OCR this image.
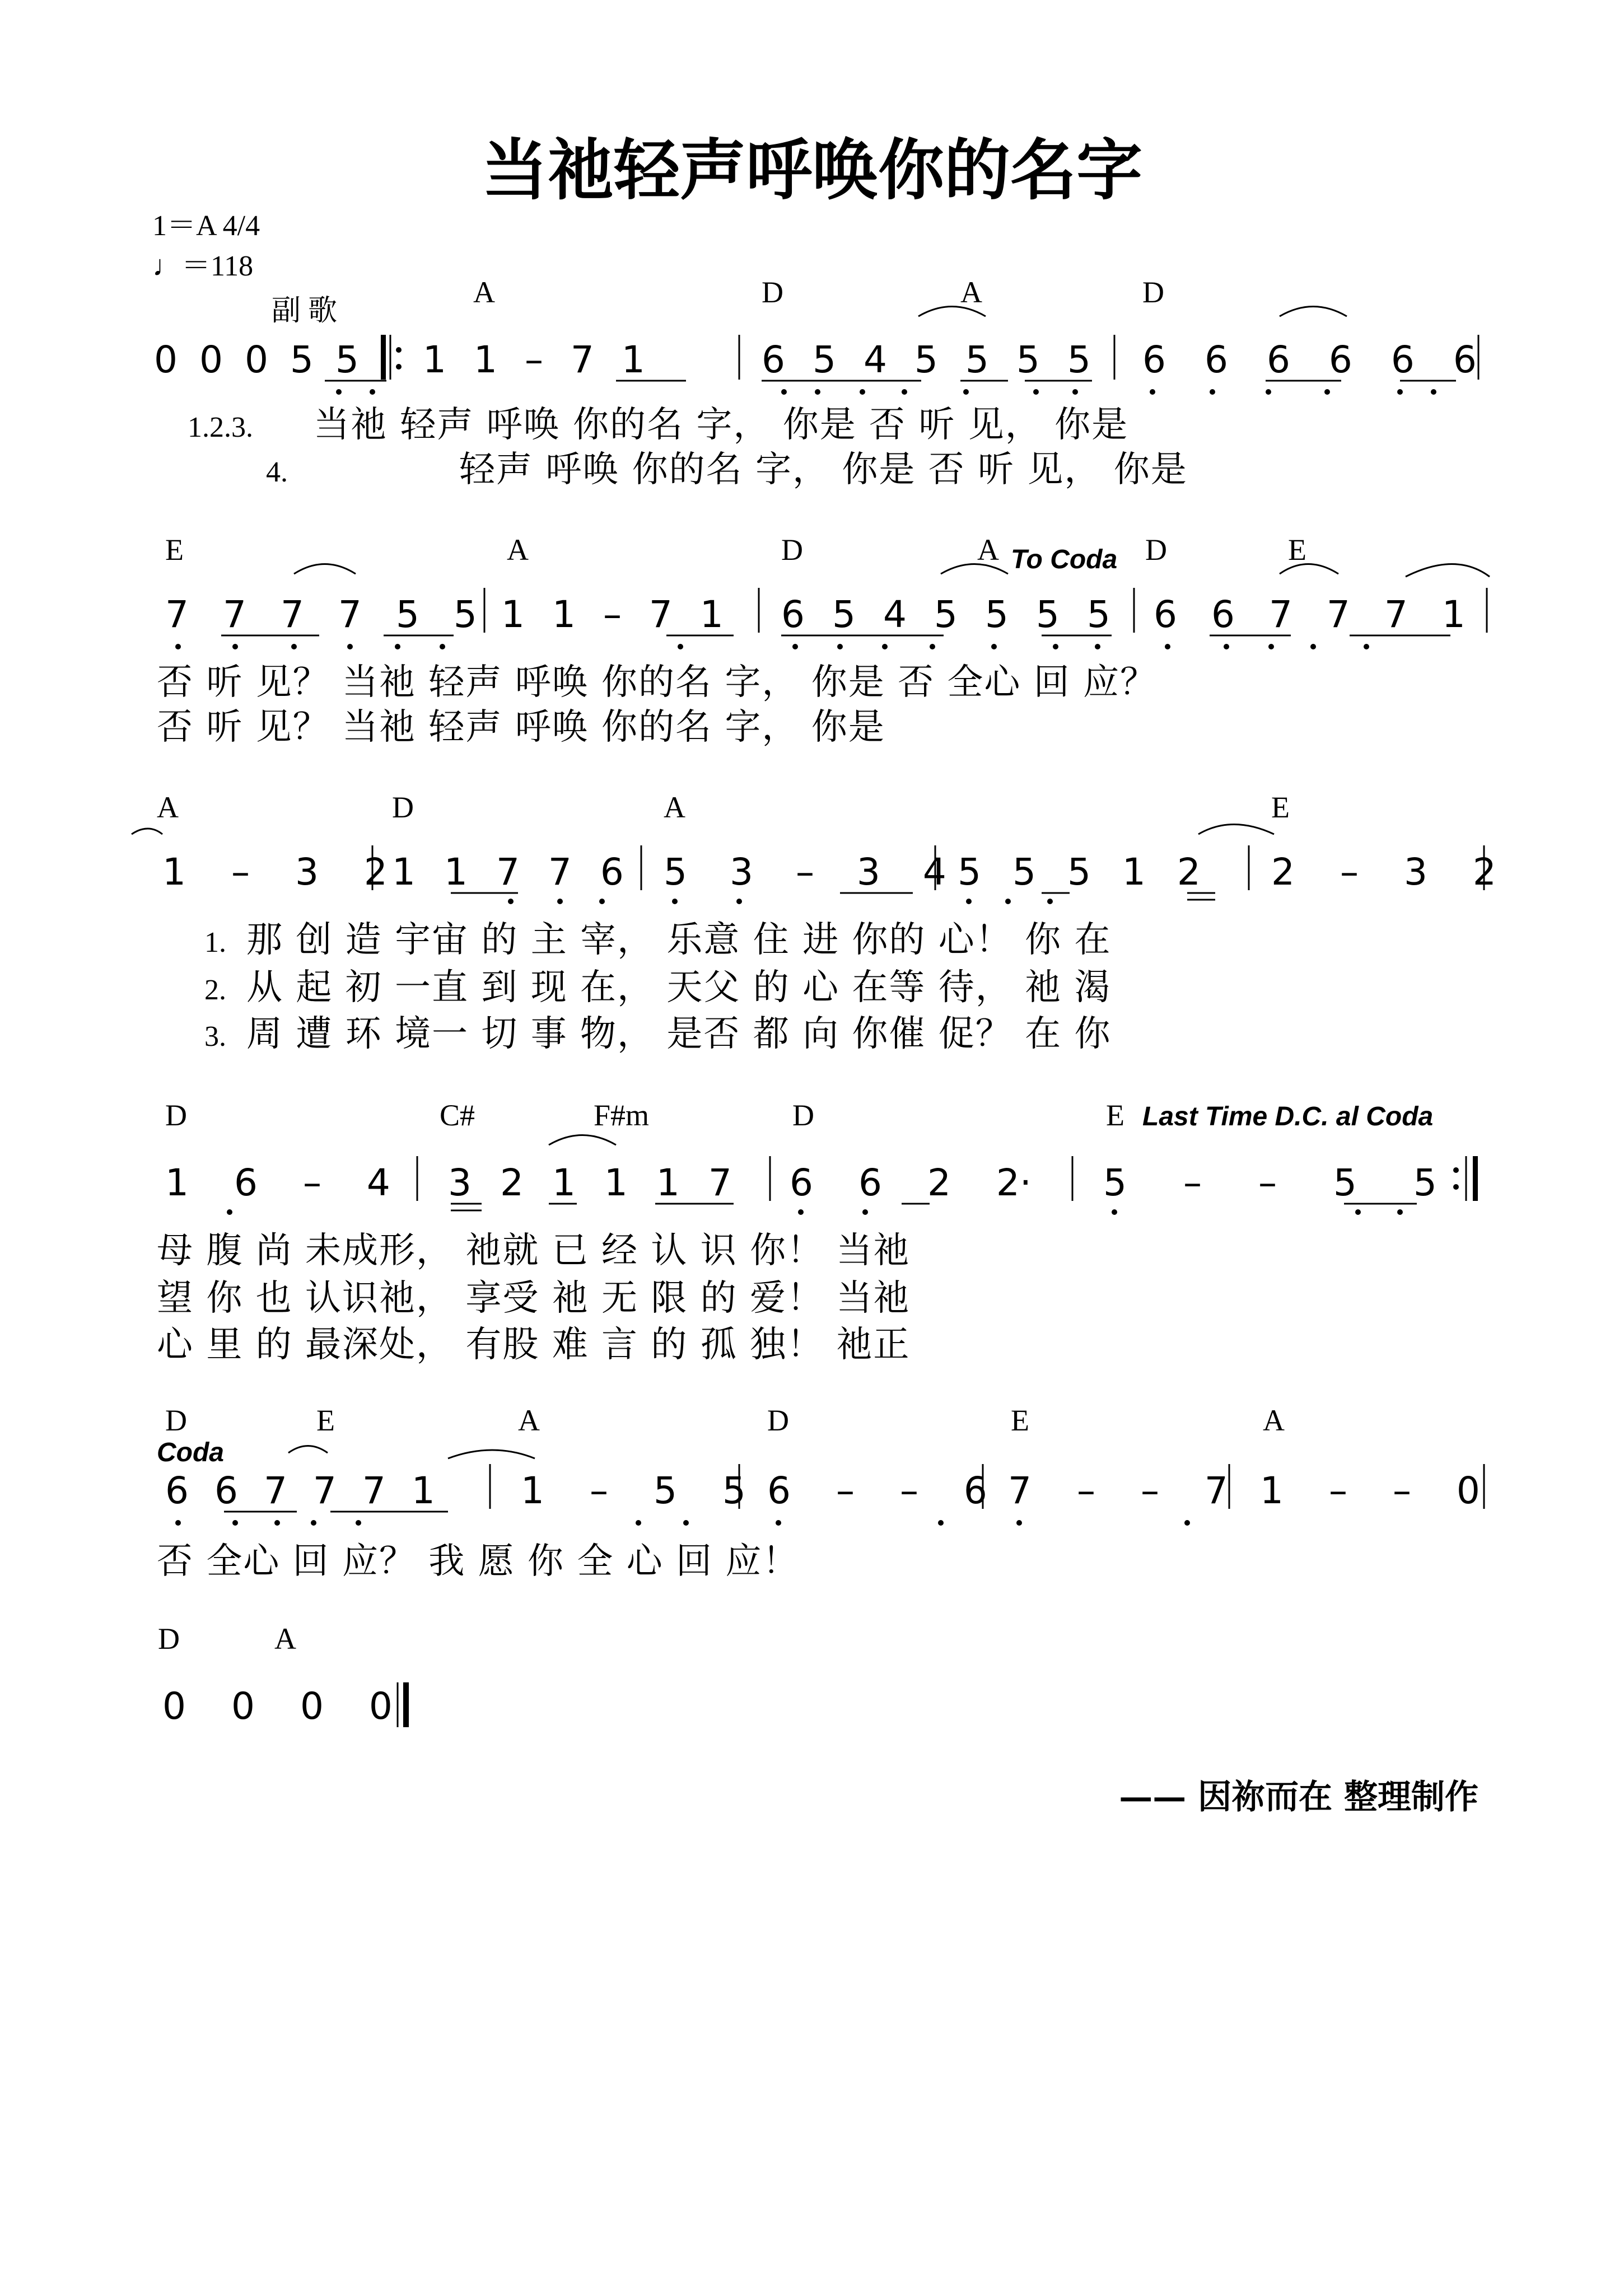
当祂轻声呼唤你的名字
1＝A 4/4
♩＝118
副 歌
A	D	A	D
0 0 0 5 5 1 1 – 7 1	6 5 4 5 5 5 5 6 6 6 6 6 6
1.2.3. 当祂 轻声 呼唤 你的名 字， 你是 否 听 见， 你是
4.	轻声 呼唤 你的名 字， 你是 否 听 见， 你是
E	A	D	A To Coda D	E
7 7 7 7 5 5 1 1 – 7 1 6 5 4 5 5 5 5 6 6 7 7 7 1
否 听 见？ 当祂 轻声 呼唤 你的名 字， 你是 否 全心 回 应？
否 听 见？ 当祂 轻声 呼唤 你的名 字， 你是
A	D	A	E
1 – 3 2 1 1 7 7 6 5 3 – 3 4 5 5 5 1 2 2 – 3 2
1. 那 创 造 宇宙 的 主 宰， 乐意 住 进 你的 心！ 你 在
2. 从 起 初 一直 到 现 在， 天父 的 心 在等 待， 祂 渴
3. 周 遭 环 境一 切 事 物， 是否 都 向 你催 促？ 在 你
D	C#	F#m	D	E Last Time D.C. al Coda
1 6 – 4 3 2 1 1 1 7 6 6 2 2· 5 – – 5 5
母 腹 尚 未成形， 祂就 已 经 认 识 你！ 当祂
望 你 也 认识祂， 享受 祂 无 限 的 爱！ 当祂
心 里 的 最深处， 有股 难 言 的 孤 独！ 祂正
D	E	A	D	E	A
Coda
6 6 7 7 7 1 1 – 5 5 6 – – 6 7 – – 7 1 – – 0
否 全心 回 应？ 我 愿 你 全 心 回 应！
D	A
0 0 0 0
—— 因祢而在 整理制作
